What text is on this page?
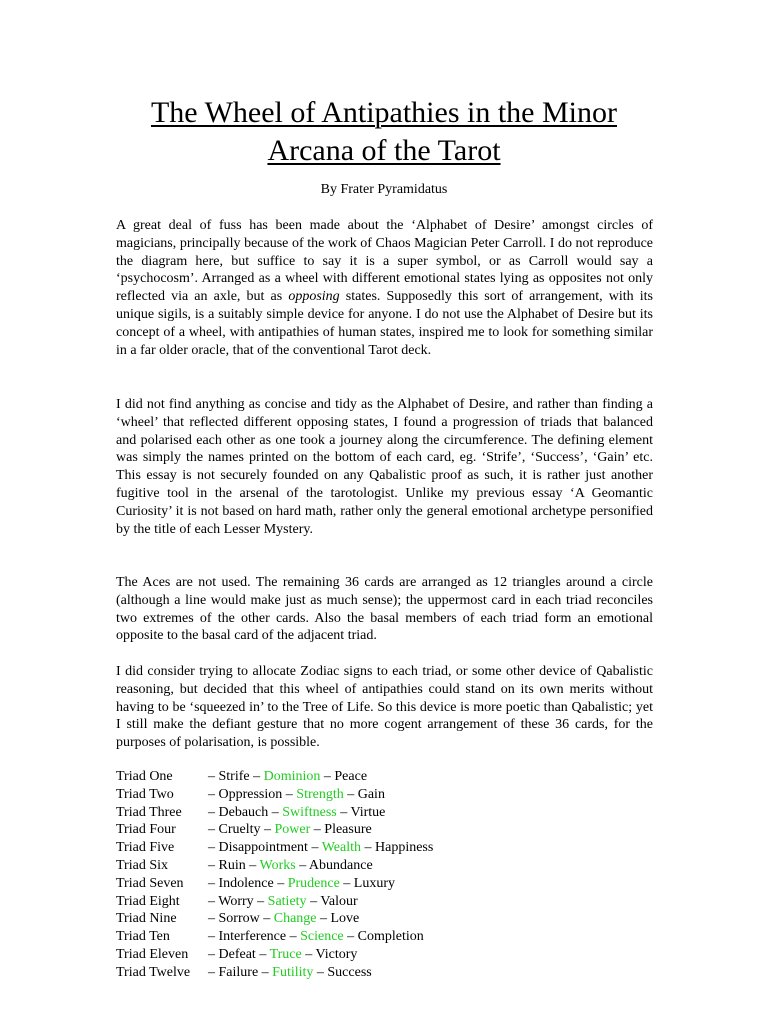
The Wheel of Antipathies in the Minor
Arcana of the Tarot
By Frater Pyramidatus

A great deal of fuss has been made about the ‘Alphabet of Desire’ amongst circles of magicians, principally because of the work of Chaos Magician Peter Carroll. I do not reproduce the diagram here, but suffice to say it is a super symbol, or as Carroll would say a ‘psychocosm’. Arranged as a wheel with different emotional states lying as opposites not only reflected via an axle, but as opposing states. Supposedly this sort of arrangement, with its unique sigils, is a suitably simple device for anyone. I do not use the Alphabet of Desire but its concept of a wheel, with antipathies of human states, inspired me to look for something similar in a far older oracle, that of the conventional Tarot deck.

I did not find anything as concise and tidy as the Alphabet of Desire, and rather than finding a ‘wheel’ that reflected different opposing states, I found a progression of triads that balanced and polarised each other as one took a journey along the circumference. The defining element was simply the names printed on the bottom of each card, eg. ‘Strife’, ‘Success’, ‘Gain’ etc. This essay is not securely founded on any Qabalistic proof as such, it is rather just another fugitive tool in the arsenal of the tarotologist. Unlike my previous essay ‘A Geomantic Curiosity’ it is not based on hard math, rather only the general emotional archetype personified by the title of each Lesser Mystery.

The Aces are not used. The remaining 36 cards are arranged as 12 triangles around a circle (although a line would make just as much sense); the uppermost card in each triad reconciles two extremes of the other cards. Also the basal members of each triad form an emotional opposite to the basal card of the adjacent triad.

I did consider trying to allocate Zodiac signs to each triad, or some other device of Qabalistic reasoning, but decided that this wheel of antipathies could stand on its own merits without having to be ‘squeezed in’ to the Tree of Life. So this device is more poetic than Qabalistic; yet I still make the defiant gesture that no more cogent arrangement of these 36 cards, for the purposes of polarisation, is possible.

Triad One	– Strife – Dominion – Peace
Triad Two	– Oppression – Strength – Gain
Triad Three	– Debauch – Swiftness – Virtue
Triad Four	– Cruelty – Power – Pleasure
Triad Five	– Disappointment – Wealth – Happiness
Triad Six	– Ruin – Works – Abundance
Triad Seven	– Indolence – Prudence – Luxury
Triad Eight	– Worry – Satiety – Valour
Triad Nine	– Sorrow – Change – Love
Triad Ten	– Interference – Science – Completion
Triad Eleven	– Defeat – Truce – Victory
Triad Twelve	– Failure – Futility – Success
